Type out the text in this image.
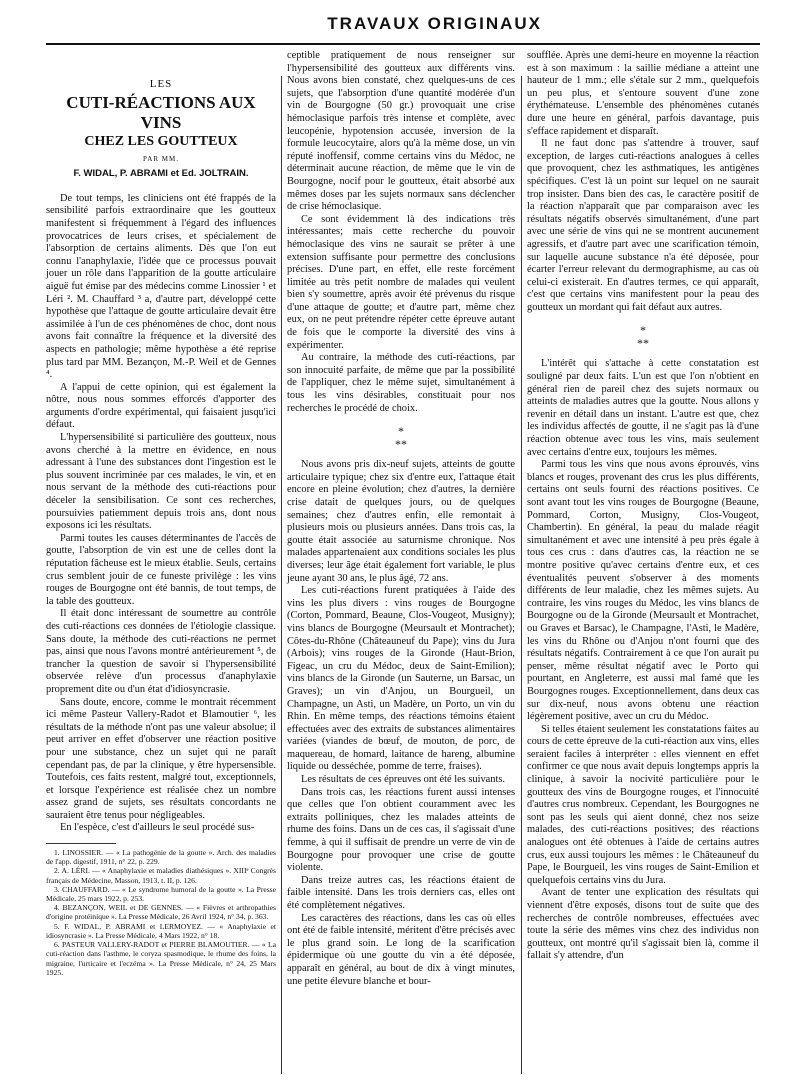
TRAVAUX ORIGINAUX
LES
CUTI-RÉACTIONS AUX VINS
CHEZ LES GOUTTEUX
PAR MM.
F. WIDAL, P. ABRAMI et Ed. JOLTRAIN.

De tout temps, les cliniciens ont été frappés de la sensibilité parfois extraordinaire que les goutteux manifestent si fréquemment à l'égard des influences provocatrices de leurs crises, et spécialement de l'absorption de certains aliments. Dès que l'on eut connu l'anaphylaxie, l'idée que ce processus pouvait jouer un rôle dans l'apparition de la goutte articulaire aiguë fut émise par des médecins comme Linossier ¹ et Léri ². M. Chauffard ³ a, d'autre part, développé cette hypothèse que l'attaque de goutte articulaire devait être assimilée à l'un de ces phénomènes de choc, dont nous avons fait connaître la fréquence et la diversité des aspects en pathologie; même hypothèse a été reprise plus tard par MM. Bezançon, M.-P. Weil et de Gennes ⁴.

A l'appui de cette opinion, qui est également la nôtre, nous nous sommes efforcés d'apporter des arguments d'ordre expérimental, qui faisaient jusqu'ici défaut.

L'hypersensibilité si particulière des goutteux, nous avons cherché à la mettre en évidence, en nous adressant à l'une des substances dont l'ingestion est le plus souvent incriminée par ces malades, le vin, et en nous servant de la méthode des cuti-réactions pour déceler la sensibilisation. Ce sont ces recherches, poursuivies patiemment depuis trois ans, dont nous exposons ici les résultats.

Parmi toutes les causes déterminantes de l'accès de goutte, l'absorption de vin est une de celles dont la réputation fâcheuse est le mieux établie. Seuls, certains crus semblent jouir de ce funeste privilège : les vins rouges de Bourgogne ont été bannis, de tout temps, de la table des goutteux.

Il était donc intéressant de soumettre au contrôle des cuti-réactions ces données de l'étiologie classique. Sans doute, la méthode des cuti-réactions ne permet pas, ainsi que nous l'avons montré antérieurement ⁵, de trancher la question de savoir si l'hypersensibilité observée relève d'un processus d'anaphylaxie proprement dite ou d'un état d'idiosyncrasie.

Sans doute, encore, comme le montrait récemment ici même Pasteur Vallery-Radot et Blamoutier ⁶, les résultats de la méthode n'ont pas une valeur absolue; il peut arriver en effet d'observer une réaction positive pour une substance, chez un sujet qui ne paraît cependant pas, de par la clinique, y être hypersensible. Toutefois, ces faits restent, malgré tout, exceptionnels, et lorsque l'expérience est réalisée chez un nombre assez grand de sujets, ses résultats concordants ne sauraient être tenus pour négligeables.

En l'espèce, c'est d'ailleurs le seul procédé sus-

1. LINOSSIER. — « La pathogénie de la goutte ». Arch. des maladies de l'app. digestif, 1911, n° 22, p. 229.

2. A. LÉRI. — « Anaphylaxie et maladies diathésiques ». XIIIᵉ Congrès français de Médecine, Masson, 1913, t. II, p. 126.

3. CHAUFFARD. — « Le syndrome humoral de la goutte ». La Presse Médicale, 25 mars 1922, p. 253.

4. BEZANÇON, WEIL et DE GENNES. — « Fièvres et arthropathies d'origine protéinique ». La Presse Médicale, 26 Avril 1924, n° 34, p. 363.

5. F. WIDAL, P. ABRAMI et LERMOYEZ. — « Anaphylaxie et idiosyncrasie ». La Presse Médicale, 4 Mars 1922, n° 18.

6. PASTEUR VALLERY-RADOT et PIERRE BLAMOUTIER. — « La cuti-réaction dans l'asthme, le coryza spasmodique, le rhume des foins, la migraine, l'urticaire et l'eczéma ». La Presse Médicale, n° 24, 25 Mars 1925.

ceptible pratiquement de nous renseigner sur l'hypersensibilité des goutteux aux différents vins. Nous avons bien constaté, chez quelques-uns de ces sujets, que l'absorption d'une quantité modérée d'un vin de Bourgogne (50 gr.) provoquait une crise hémoclasique parfois très intense et complète, avec leucopénie, hypotension accusée, inversion de la formule leucocytaire, alors qu'à la même dose, un vin réputé inoffensif, comme certains vins du Médoc, ne déterminait aucune réaction, de même que le vin de Bourgogne, nocif pour le goutteux, était absorbé aux mêmes doses par les sujets normaux sans déclencher de crise hémoclasique.

Ce sont évidemment là des indications très intéressantes; mais cette recherche du pouvoir hémoclasique des vins ne saurait se prêter à une extension suffisante pour permettre des conclusions précises. D'une part, en effet, elle reste forcément limitée au très petit nombre de malades qui veulent bien s'y soumettre, après avoir été prévenus du risque d'une attaque de goutte; et d'autre part, même chez eux, on ne peut prétendre répéter cette épreuve autant de fois que le comporte la diversité des vins à expérimenter.

Au contraire, la méthode des cuti-réactions, par son innocuité parfaite, de même que par la possibilité de l'appliquer, chez le même sujet, simultanément à tous les vins désirables, constituait pour nos recherches le procédé de choix.

*
**

Nous avons pris dix-neuf sujets, atteints de goutte articulaire typique; chez six d'entre eux, l'attaque était encore en pleine évolution; chez d'autres, la dernière crise datait de quelques jours, ou de quelques semaines; chez d'autres enfin, elle remontait à plusieurs mois ou plusieurs années. Dans trois cas, la goutte était associée au saturnisme chronique. Nos malades appartenaient aux conditions sociales les plus diverses; leur âge était également fort variable, le plus jeune ayant 30 ans, le plus âgé, 72 ans.

Les cuti-réactions furent pratiquées à l'aide des vins les plus divers : vins rouges de Bourgogne (Corton, Pommard, Beaune, Clos-Vougeot, Musigny); vins blancs de Bourgogne (Meursault et Montrachet); Côtes-du-Rhône (Châteauneuf du Pape); vins du Jura (Arbois); vins rouges de la Gironde (Haut-Brion, Figeac, un cru du Médoc, deux de Saint-Emilion); vins blancs de la Gironde (un Sauterne, un Barsac, un Graves); un vin d'Anjou, un Bourgueil, un Champagne, un Asti, un Madère, un Porto, un vin du Rhin. En même temps, des réactions témoins étaient effectuées avec des extraits de substances alimentaires variées (viandes de bœuf, de mouton, de porc, de maquereau, de homard, laitance de hareng, albumine liquide ou desséchée, pomme de terre, fraises).

Les résultats de ces épreuves ont été les suivants.

Dans trois cas, les réactions furent aussi intenses que celles que l'on obtient couramment avec les extraits polliniques, chez les malades atteints de rhume des foins. Dans un de ces cas, il s'agissait d'une femme, à qui il suffisait de prendre un verre de vin de Bourgogne pour provoquer une crise de goutte violente.

Dans treize autres cas, les réactions étaient de faible intensité. Dans les trois derniers cas, elles ont été complètement négatives.

Les caractères des réactions, dans les cas où elles ont été de faible intensité, méritent d'être précisés avec le plus grand soin. Le long de la scarification épidermique où une goutte du vin a été déposée, apparaît en général, au bout de dix à vingt minutes, une petite élevure blanche et bour-

soufflée. Après une demi-heure en moyenne la réaction est à son maximum : la saillie médiane a atteint une hauteur de 1 mm.; elle s'étale sur 2 mm., quelquefois un peu plus, et s'entoure souvent d'une zone érythémateuse. L'ensemble des phénomènes cutanés dure une heure en général, parfois davantage, puis s'efface rapidement et disparaît.

Il ne faut donc pas s'attendre à trouver, sauf exception, de larges cuti-réactions analogues à celles que provoquent, chez les asthmatiques, les antigènes spécifiques. C'est là un point sur lequel on ne saurait trop insister. Dans bien des cas, le caractère positif de la réaction n'apparaît que par comparaison avec les résultats négatifs observés simultanément, d'une part avec une série de vins qui ne se montrent aucunement agressifs, et d'autre part avec une scarification témoin, sur laquelle aucune substance n'a été déposée, pour écarter l'erreur relevant du dermographisme, au cas où celui-ci existerait. En d'autres termes, ce qui apparaît, c'est que certains vins manifestent pour la peau des goutteux un mordant qui fait défaut aux autres.

*
**

L'intérêt qui s'attache à cette constatation est souligné par deux faits. L'un est que l'on n'obtient en général rien de pareil chez des sujets normaux ou atteints de maladies autres que la goutte. Nous allons y revenir en détail dans un instant. L'autre est que, chez les individus affectés de goutte, il ne s'agit pas là d'une réaction obtenue avec tous les vins, mais seulement avec certains d'entre eux, toujours les mêmes.

Parmi tous les vins que nous avons éprouvés, vins blancs et rouges, provenant des crus les plus différents, certains ont seuls fourni des réactions positives. Ce sont avant tout les vins rouges de Bourgogne (Beaune, Pommard, Corton, Musigny, Clos-Vougeot, Chambertin). En général, la peau du malade réagit simultanément et avec une intensité à peu près égale à tous ces crus : dans d'autres cas, la réaction ne se montre positive qu'avec certains d'entre eux, et ces éventualités peuvent s'observer à des moments différents de leur maladie, chez les mêmes sujets. Au contraire, les vins rouges du Médoc, les vins blancs de Bourgogne ou de la Gironde (Meursault et Montrachet, ou Graves et Barsac), le Champagne, l'Asti, le Madère, les vins du Rhône ou d'Anjou n'ont fourni que des résultats négatifs. Contrairement à ce que l'on aurait pu penser, même résultat négatif avec le Porto qui pourtant, en Angleterre, est aussi mal famé que les Bourgognes rouges. Exceptionnellement, dans deux cas sur dix-neuf, nous avons obtenu une réaction légèrement positive, avec un cru du Médoc.

Si telles étaient seulement les constatations faites au cours de cette épreuve de la cuti-réaction aux vins, elles seraient faciles à interpréter : elles viennent en effet confirmer ce que nous avait depuis longtemps appris la clinique, à savoir la nocivité particulière pour le goutteux des vins de Bourgogne rouges, et l'innocuité d'autres crus nombreux. Cependant, les Bourgognes ne sont pas les seuls qui aient donné, chez nos seize malades, des cuti-réactions positives; des réactions analogues ont été obtenues à l'aide de certains autres crus, eux aussi toujours les mêmes : le Châteauneuf du Pape, le Bourgueil, les vins rouges de Saint-Emilion et quelquefois certains vins du Jura.

Avant de tenter une explication des résultats qui viennent d'être exposés, disons tout de suite que des recherches de contrôle nombreuses, effectuées avec toute la série des mêmes vins chez des individus non goutteux, ont montré qu'il s'agissait bien là, comme il fallait s'y attendre, d'un
